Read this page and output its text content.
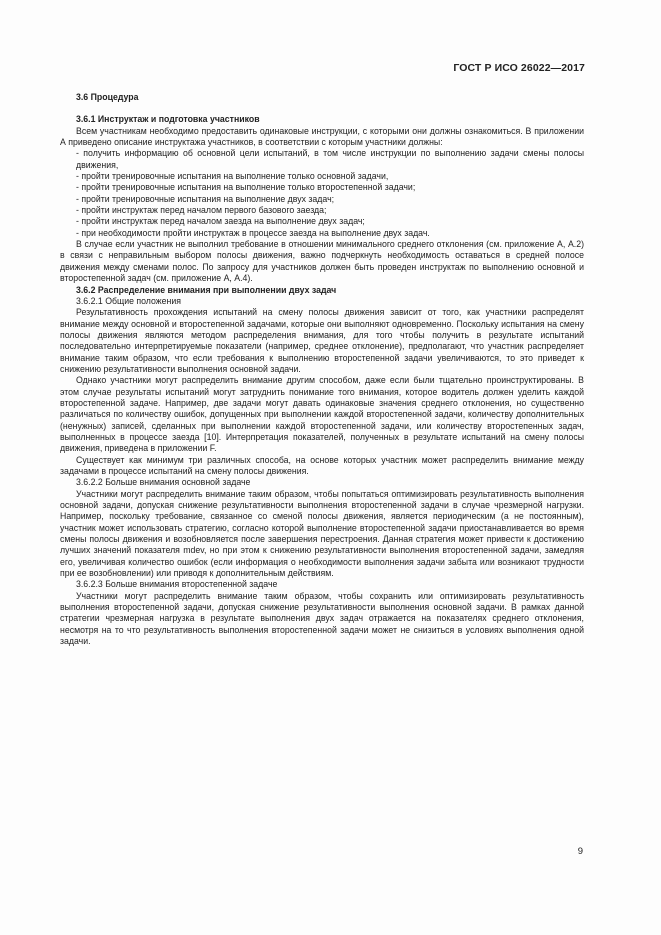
ГОСТ Р ИСО 26022—2017
3.6 Процедура
3.6.1 Инструктаж и подготовка участников
Всем участникам необходимо предоставить одинаковые инструкции, с которыми они должны ознакомиться. В приложении А приведено описание инструктажа участников, в соответствии с которым участники должны:
- получить информацию об основной цели испытаний, в том числе инструкции по выполнению задачи смены полосы движения,
- пройти тренировочные испытания на выполнение только основной задачи,
- пройти тренировочные испытания на выполнение только второстепенной задачи;
- пройти тренировочные испытания на выполнение двух задач;
- пройти инструктаж перед началом первого базового заезда;
- пройти инструктаж перед началом заезда на выполнение двух задач;
- при необходимости пройти инструктаж в процессе заезда на выполнение двух задач.
В случае если участник не выполнил требование в отношении минимального среднего отклонения (см. приложение А, А.2) в связи с неправильным выбором полосы движения, важно подчеркнуть необходимость оставаться в средней полосе движения между сменами полос. По запросу для участников должен быть проведен инструктаж по выполнению основной и второстепенной задач (см. приложение А, А.4).
3.6.2 Распределение внимания при выполнении двух задач
3.6.2.1 Общие положения
Результативность прохождения испытаний на смену полосы движения зависит от того, как участники распределят внимание между основной и второстепенной задачами, которые они выполняют одновременно. Поскольку испытания на смену полосы движения являются методом распределения внимания, для того чтобы получить в результате испытаний последовательно интерпретируемые показатели (например, среднее отклонение), предполагают, что участник распределяет внимание таким образом, что если требования к выполнению второстепенной задачи увеличиваются, то это приведет к снижению результативности выполнения основной задачи.
Однако участники могут распределить внимание другим способом, даже если были тщательно проинструктированы. В этом случае результаты испытаний могут затруднить понимание того внимания, которое водитель должен уделить каждой второстепенной задаче. Например, две задачи могут давать одинаковые значения среднего отклонения, но существенно различаться по количеству ошибок, допущенных при выполнении каждой второстепенной задачи, количеству дополнительных (ненужных) записей, сделанных при выполнении каждой второстепенной задачи, или количеству второстепенных задач, выполненных в процессе заезда [10]. Интерпретация показателей, полученных в результате испытаний на смену полосы движения, приведена в приложении F.
Существует как минимум три различных способа, на основе которых участник может распределить внимание между задачами в процессе испытаний на смену полосы движения.
3.6.2.2 Больше внимания основной задаче
Участники могут распределить внимание таким образом, чтобы попытаться оптимизировать результативность выполнения основной задачи, допуская снижение результативности выполнения второстепенной задачи в случае чрезмерной нагрузки. Например, поскольку требование, связанное со сменой полосы движения, является периодическим (а не постоянным), участник может использовать стратегию, согласно которой выполнение второстепенной задачи приостанавливается во время смены полосы движения и возобновляется после завершения перестроения. Данная стратегия может привести к достижению лучших значений показателя mdev, но при этом к снижению результативности выполнения второстепенной задачи, замедляя его, увеличивая количество ошибок (если информация о необходимости выполнения задачи забыта или возникают трудности при ее возобновлении) или приводя к дополнительным действиям.
3.6.2.3 Больше внимания второстепенной задаче
Участники могут распределить внимание таким образом, чтобы сохранить или оптимизировать результативность выполнения второстепенной задачи, допуская снижение результативности выполнения основной задачи. В рамках данной стратегии чрезмерная нагрузка в результате выполнения двух задач отражается на показателях среднего отклонения, несмотря на то что результативность выполнения второстепенной задачи может не снизиться в условиях выполнения одной задачи.
9
